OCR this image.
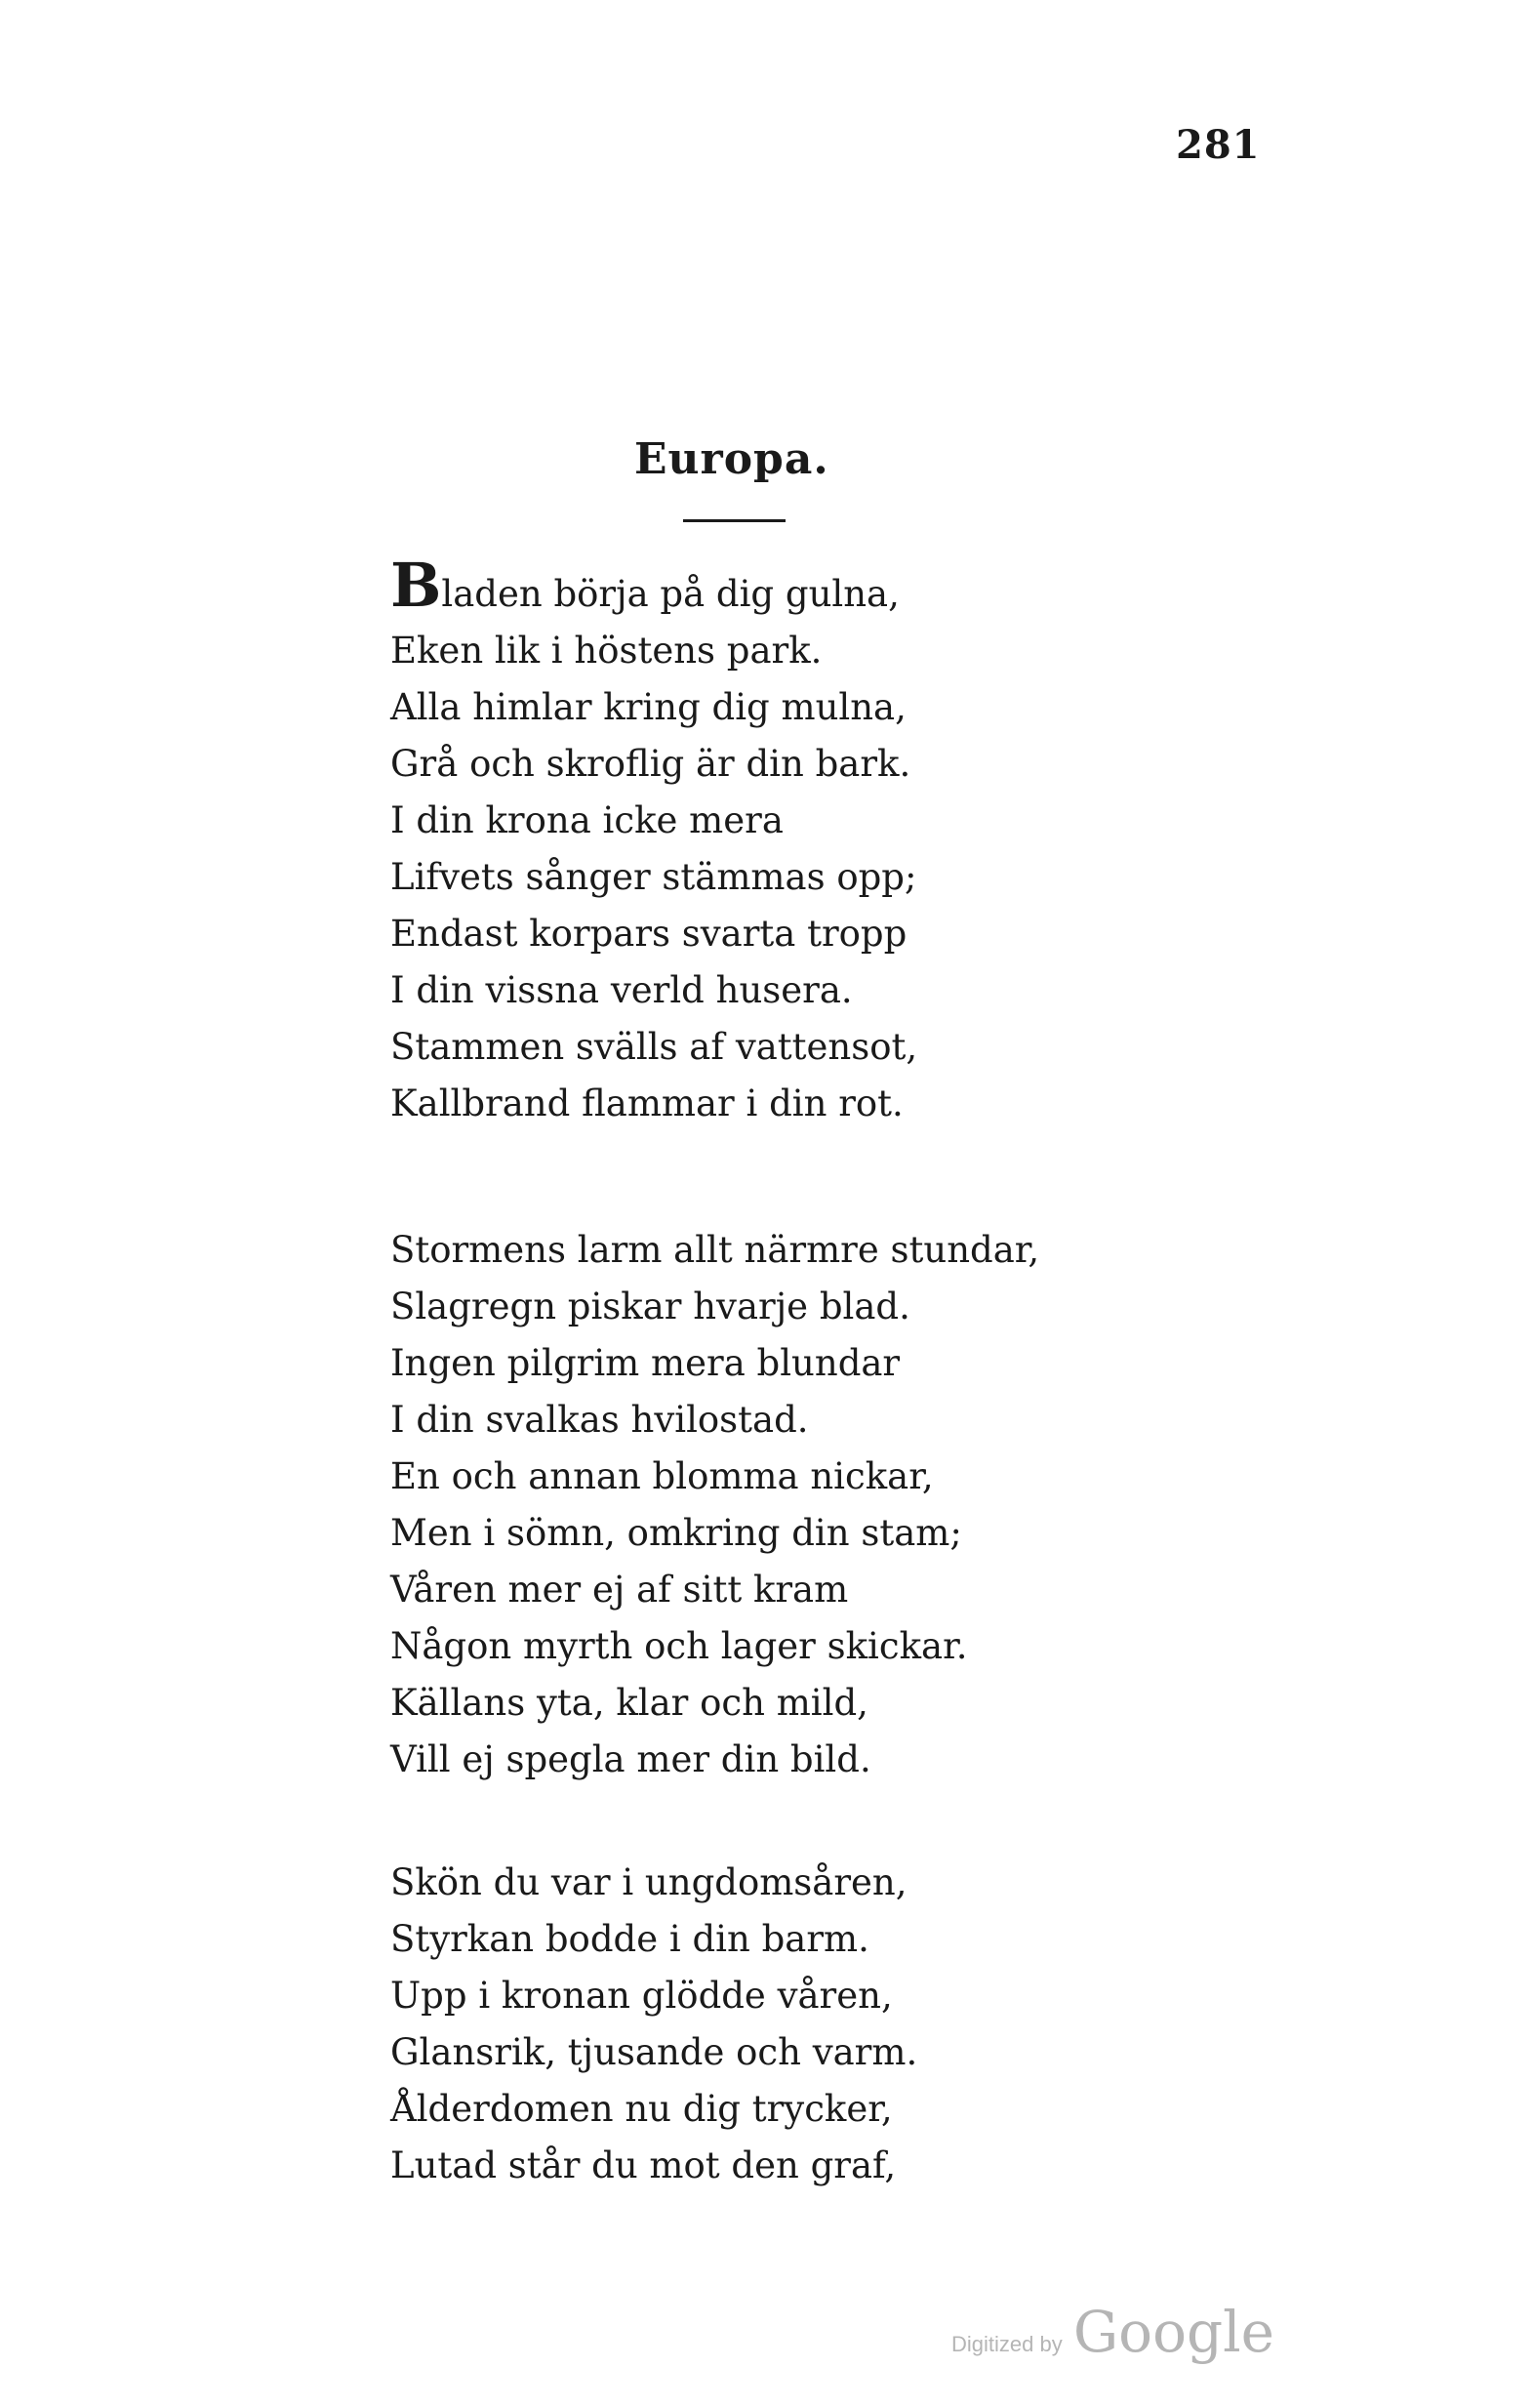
281
Europa.
Bladen börja på dig gulna,
Eken lik i höstens park.
Alla himlar kring dig mulna,
Grå och skroflig är din bark.
I din krona icke mera
Lifvets sånger stämmas opp;
Endast korpars svarta tropp
I din vissna verld husera.
Stammen svälls af vattensot,
Kallbrand flammar i din rot.
Stormens larm allt närmre stundar,
Slagregn piskar hvarje blad.
Ingen pilgrim mera blundar
I din svalkas hvilostad.
En och annan blomma nickar,
Men i sömn, omkring din stam;
Våren mer ej af sitt kram
Någon myrth och lager skickar.
Källans yta, klar och mild,
Vill ej spegla mer din bild.
Skön du var i ungdomsåren,
Styrkan bodde i din barm.
Upp i kronan glödde våren,
Glansrik, tjusande och varm.
Ålderdomen nu dig trycker,
Lutad står du mot den graf,
Digitized by Google
